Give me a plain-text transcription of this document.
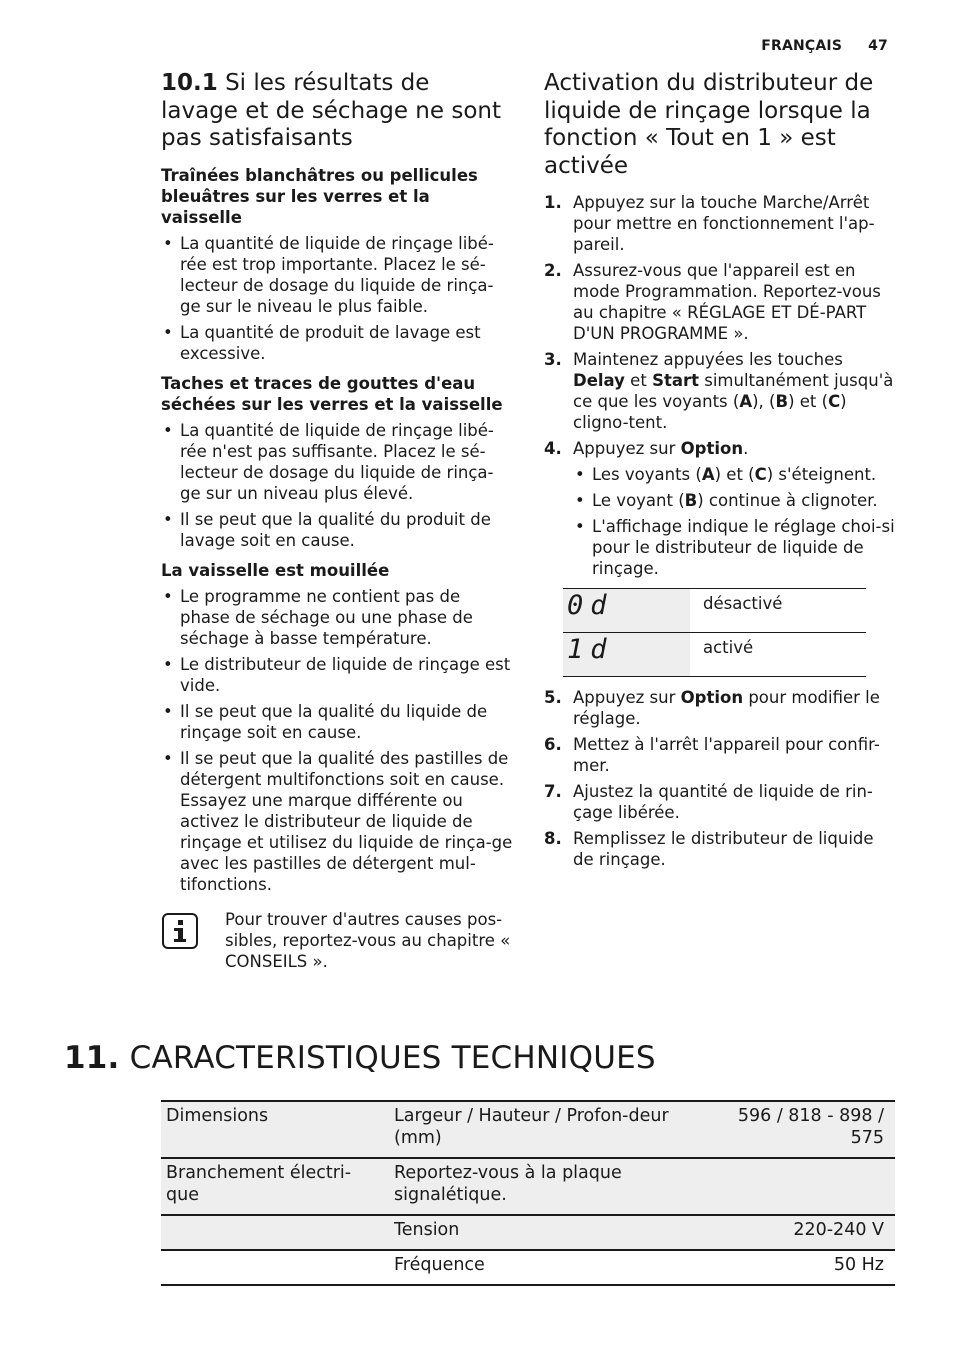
FRANÇAIS 47
10.1 Si les résultats de lavage et de séchage ne sont pas satisfaisants

Traînées blanchâtres ou pellicules bleuâtres sur les verres et la vaisselle

• La quantité de liquide de rinçage libé-rée est trop importante. Placez le sé-lecteur de dosage du liquide de rinça-ge sur le niveau le plus faible.
• La quantité de produit de lavage est excessive.

Taches et traces de gouttes d'eau séchées sur les verres et la vaisselle

• La quantité de liquide de rinçage libé-rée n'est pas suffisante. Placez le sé-lecteur de dosage du liquide de rinça-ge sur un niveau plus élevé.
• Il se peut que la qualité du produit de lavage soit en cause.

La vaisselle est mouillée

• Le programme ne contient pas de phase de séchage ou une phase de séchage à basse température.
• Le distributeur de liquide de rinçage est vide.
• Il se peut que la qualité du liquide de rinçage soit en cause.
• Il se peut que la qualité des pastilles de détergent multifonctions soit en cause. Essayez une marque différente ou activez le distributeur de liquide de rinçage et utilisez du liquide de rinça-ge avec les pastilles de détergent mul-tifonctions.
Pour trouver d'autres causes pos-sibles, reportez-vous au chapitre « CONSEILS ».
Activation du distributeur de liquide de rinçage lorsque la fonction « Tout en 1 » est activée
1. Appuyez sur la touche Marche/Arrêt pour mettre en fonctionnement l'ap-pareil.
2. Assurez-vous que l'appareil est en mode Programmation. Reportez-vous au chapitre « RÉGLAGE ET DÉ-PART D'UN PROGRAMME ».
3. Maintenez appuyées les touches Delay et Start simultanément jusqu'à ce que les voyants (A), (B) et (C) cligno-tent.
4. Appuyez sur Option.
• Les voyants (A) et (C) s'éteignent.
• Le voyant (B) continue à clignoter.
• L'affichage indique le réglage choi-si pour le distributeur de liquide de rinçage.
0d	désactivé
1d	activé
5. Appuyez sur Option pour modifier le réglage.
6. Mettez à l'arrêt l'appareil pour confir-mer.
7. Ajustez la quantité de liquide de rin-çage libérée.
8. Remplissez le distributeur de liquide de rinçage.
11. CARACTERISTIQUES TECHNIQUES
Dimensions	Largeur / Hauteur / Profon-deur (mm)	596 / 818 - 898 / 575
Branchement électri-que	Reportez-vous à la plaque signalétique.	
	Tension	220-240 V
	Fréquence	50 Hz
